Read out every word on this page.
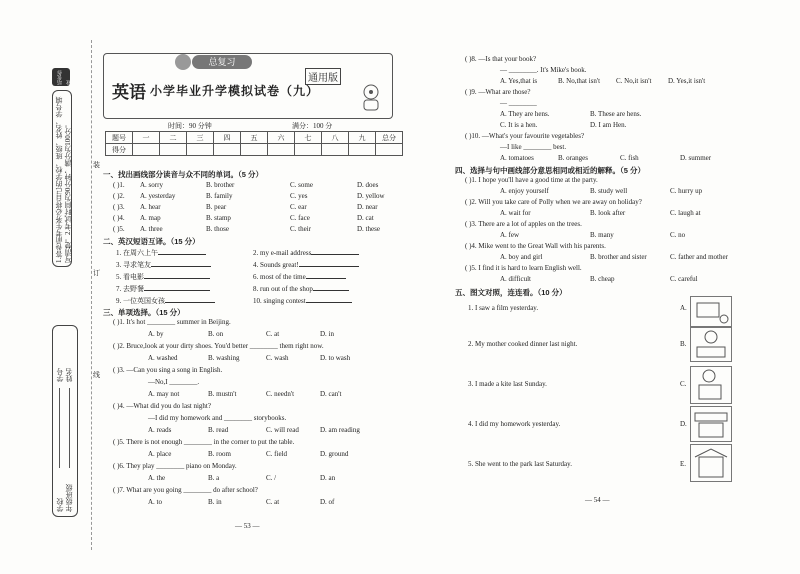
1.答卷前考生务必将自己的学校、班级、姓名、学号填写清楚。2.考试时间为90分钟，满分为100分。
培优作业
学校 年级班级
学号 姓名
装
订
线
总复习
通用版
英语 小学毕业升学模拟试卷（九）
时间：90 分钟	满分：100 分
题号	一	二	三	四	五	六	七	八	九	总分
得分										
一、找出画线部分读音与众不同的单词。（5 分）
( )1. A. sorry	B. brother	C. some	D. does
( )2. A. yesterday	B. family	C. yes	D. yellow
( )3. A. hear	B. pear	C. ear	D. near
( )4. A. map	B. stamp	C. face	D. cat
( )5. A. three	B. those	C. their	D. these
二、英汉短语互译。（15 分）
1. 在周六上午	2. my e-mail address
3. 寻求笔友	4. Sounds great!
5. 看电影	6. most of the time
7. 去野餐	8. run out of the shop
9. 一位英国女孩	10. singing contest
三、单项选择。（15 分）
( )1. It's hot ________ summer in Beijing.
A. by	B. on	C. at	D. in
( )2. Bruce,look at your dirty shoes. You'd better ________ them right now.
A. washed	B. washing	C. wash	D. to wash
( )3. —Can you sing a song in English.
—No,I ________.
A. may not	B. mustn't	C. needn't	D. can't
( )4. —What did you do last night?
—I did my homework and ________ storybooks.
A. reads	B. read	C. will read	D. am reading
( )5. There is not enough ________ in the corner to put the table.
A. place	B. room	C. field	D. ground
( )6. They play ________ piano on Monday.
A. the	B. a	C. /	D. an
( )7. What are you going ________ do after school?
A. to	B. in	C. at	D. of
— 53 —
( )8. —Is that your book?
— ________. It's Mike's book.
A. Yes,that is	B. No,that isn't C. No,it isn't D. Yes,it isn't
( )9. —What are those?
— ________
A. They are hens.	B. These are hens.
C. It is a hen.	D. I am Hen.
( )10. —What's your favourite vegetables?
—I like ________ best.
A. tomatoes	B. oranges	C. fish	D. summer
四、选择与句中画线部分意思相同或相近的解释。（5 分）
( )1. I hope you'll have a good time at the party.
A. enjoy yourself	B. study well	C. hurry up
( )2. Will you take care of Polly when we are away on holiday?
A. wait for	B. look after	C. laugh at
( )3. There are a lot of apples on the trees.
A. few	B. many	C. no
( )4. Mike went to the Great Wall with his parents.
A. boy and girl	B. brother and sister	C. father and mother
( )5. I find it is hard to learn English well.
A. difficult	B. cheap	C. careful
五、图文对照，连连看。（10 分）
1. I saw a film yesterday.	A.
2. My mother cooked dinner last night.	B.
3. I made a kite last Sunday.	C.
4. I did my homework yesterday.	D.
5. She went to the park last Saturday.	E.
— 54 —
